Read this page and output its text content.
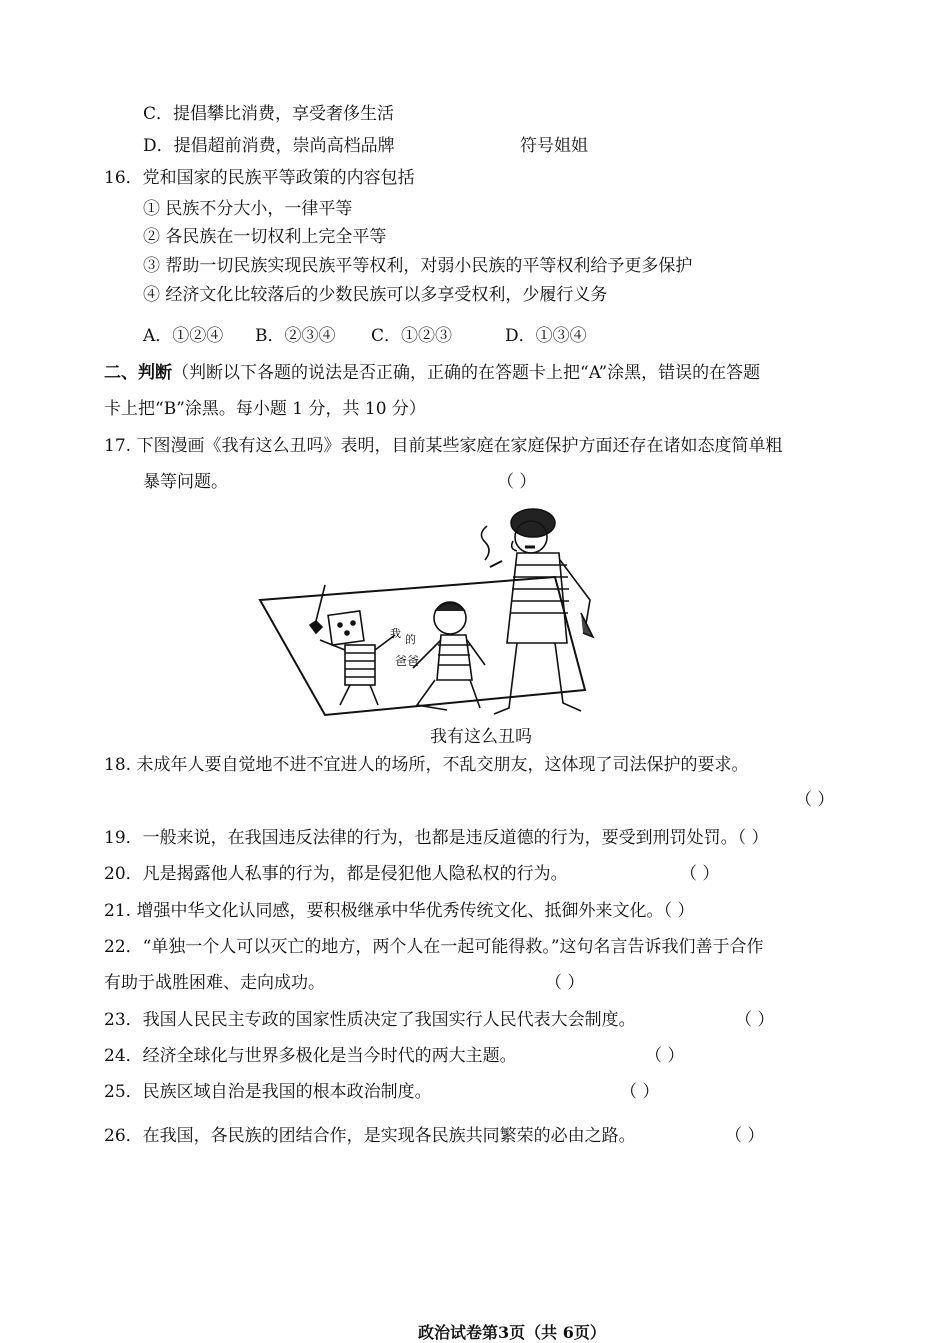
C．提倡攀比消费，享受奢侈生活
D．提倡超前消费，崇尚高档品牌	符号姐姐
16．党和国家的民族平等政策的内容包括
① 民族不分大小，一律平等
② 各民族在一切权利上完全平等
③ 帮助一切民族实现民族平等权利，对弱小民族的平等权利给予更多保护
④ 经济文化比较落后的少数民族可以多享受权利，少履行义务
A．①②④ B．②③④ C．①②③	D．①③④
二、判断（判断以下各题的说法是否正确，正确的在答题卡上把“A”涂黑，错误的在答题
卡上把“B”涂黑。每小题 1 分，共 10 分）
17. 下图漫画《我有这么丑吗》表明，目前某些家庭在家庭保护方面还存在诸如态度简单粗
暴等问题。	（ ）
我 的
爸爸
我有这么丑吗
18. 未成年人要自觉地不进不宜进人的场所，不乱交朋友，这体现了司法保护的要求。
（ ）
19．一般来说，在我国违反法律的行为，也都是违反道德的行为，要受到刑罚处罚。（ ）
20．凡是揭露他人私事的行为，都是侵犯他人隐私权的行为。	（ ）
21. 增强中华文化认同感，要积极继承中华优秀传统文化、抵御外来文化。（ ）
22．“单独一个人可以灭亡的地方，两个人在一起可能得救。”这句名言告诉我们善于合作
有助于战胜困难、走向成功。	（ ）
23．我国人民民主专政的国家性质决定了我国实行人民代表大会制度。	（ ）
24．经济全球化与世界多极化是当今时代的两大主题。	（ ）
25．民族区域自治是我国的根本政治制度。	（ ）
26．在我国，各民族的团结合作，是实现各民族共同繁荣的必由之路。	（ ）
政治试卷第3页（共 6页）
